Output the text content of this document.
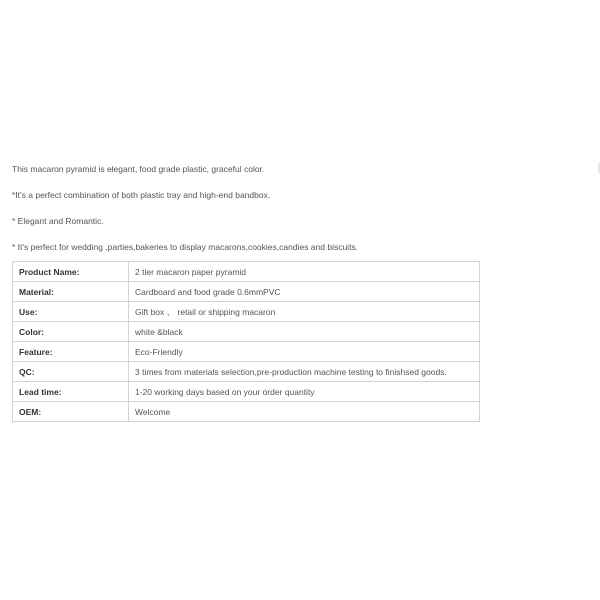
This macaron pyramid is elegant, food grade plastic, graceful color.

*It's a perfect combination of both plastic tray and high-end bandbox.

* Elegant and Romantic.

* It's perfect for wedding ,parties,bakeries to display macarons,cookies,candies and biscuits.

Product Name:	2 tier macaron paper pyramid
Material:	Cardboard and food grade 0.6mmPVC
Use:	Gift box 、 retail or shipping macaron
Color:	white &black
Feature:	Eco-Friendly
QC:	3 times from materials selection,pre-production machine testing to finishsed goods.
Lead time:	1-20 working days based on your order quantity
OEM:	Welcome
